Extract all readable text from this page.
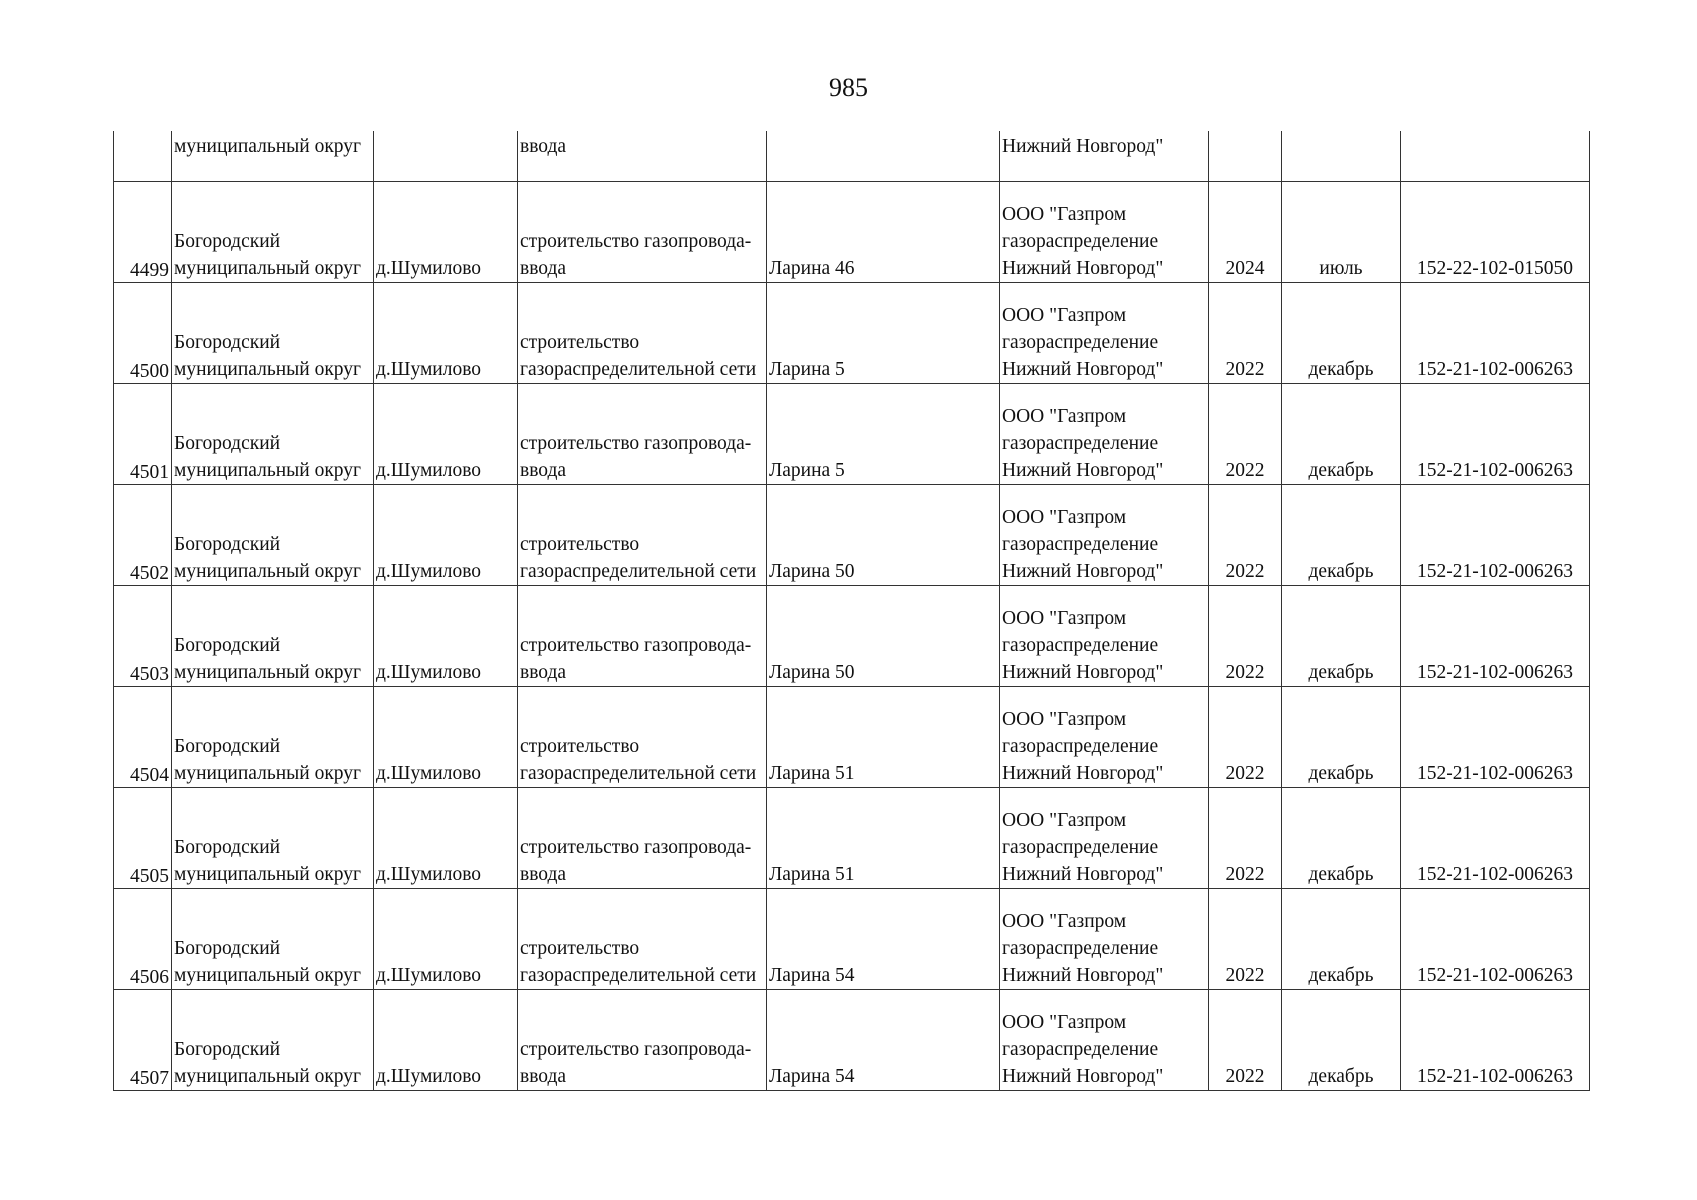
985
	муниципальный округ		ввода		Нижний Новгород"			
4499	Богородский
муниципальный округ	д.Шумилово	строительство газопровода-
ввода	Ларина 46	ООО "Газпром
газораспределение
Нижний Новгород"	2024	июль	152-22-102-015050
4500	Богородский
муниципальный округ	д.Шумилово	строительство
газораспределительной сети	Ларина 5	ООО "Газпром
газораспределение
Нижний Новгород"	2022	декабрь	152-21-102-006263
4501	Богородский
муниципальный округ	д.Шумилово	строительство газопровода-
ввода	Ларина 5	ООО "Газпром
газораспределение
Нижний Новгород"	2022	декабрь	152-21-102-006263
4502	Богородский
муниципальный округ	д.Шумилово	строительство
газораспределительной сети	Ларина 50	ООО "Газпром
газораспределение
Нижний Новгород"	2022	декабрь	152-21-102-006263
4503	Богородский
муниципальный округ	д.Шумилово	строительство газопровода-
ввода	Ларина 50	ООО "Газпром
газораспределение
Нижний Новгород"	2022	декабрь	152-21-102-006263
4504	Богородский
муниципальный округ	д.Шумилово	строительство
газораспределительной сети	Ларина 51	ООО "Газпром
газораспределение
Нижний Новгород"	2022	декабрь	152-21-102-006263
4505	Богородский
муниципальный округ	д.Шумилово	строительство газопровода-
ввода	Ларина 51	ООО "Газпром
газораспределение
Нижний Новгород"	2022	декабрь	152-21-102-006263
4506	Богородский
муниципальный округ	д.Шумилово	строительство
газораспределительной сети	Ларина 54	ООО "Газпром
газораспределение
Нижний Новгород"	2022	декабрь	152-21-102-006263
4507	Богородский
муниципальный округ	д.Шумилово	строительство газопровода-
ввода	Ларина 54	ООО "Газпром
газораспределение
Нижний Новгород"	2022	декабрь	152-21-102-006263
